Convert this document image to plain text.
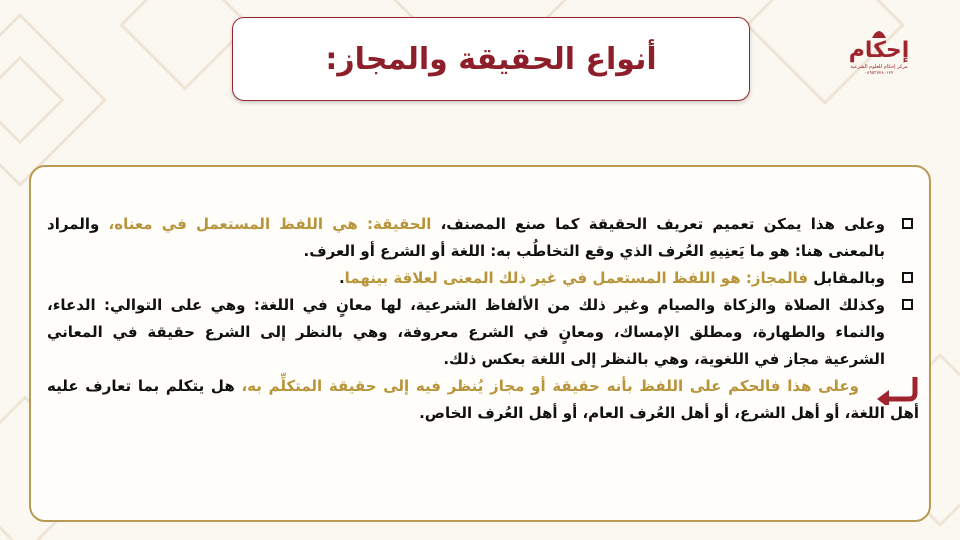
أنواع الحقيقة والمجاز:	إحكام
مركز إحكام للعلوم الشرعية
٠٨٩٥٣٧٢٨٠١٢٢

وعلى هذا يمكن تعميم تعريف الحقيقة كما صنع المصنف، الحقيقة: هي اللفظ المستعمل في معناه، والمراد بالمعنى هنا: هو ما يَعنِيهِ العُرف الذي وقع التخاطُب به: اللغة أو الشرع أو العرف.

وبالمقابل فالمجاز: هو اللفظ المستعمل في غير ذلك المعنى لعلاقة بينهما.

وكذلك الصلاة والزكاة والصيام وغير ذلك من الألفاظ الشرعية، لها معانٍ في اللغة: وهي على التوالي: الدعاء، والنماء والطهارة، ومطلق الإمساك، ومعانٍ في الشرع معروفة، وهي بالنظر إلى الشرع حقيقة في المعاني الشرعية مجاز في اللغوية، وهي بالنظر إلى اللغة بعكس ذلك.

وعلى هذا فالحكم على اللفظ بأنه حقيقة أو مجاز يُنظر فيه إلى حقيقة المتكلِّم به، هل يتكلم بما تعارف عليه أهل اللغة، أو أهل الشرع، أو أهل العُرف العام، أو أهل العُرف الخاص.
